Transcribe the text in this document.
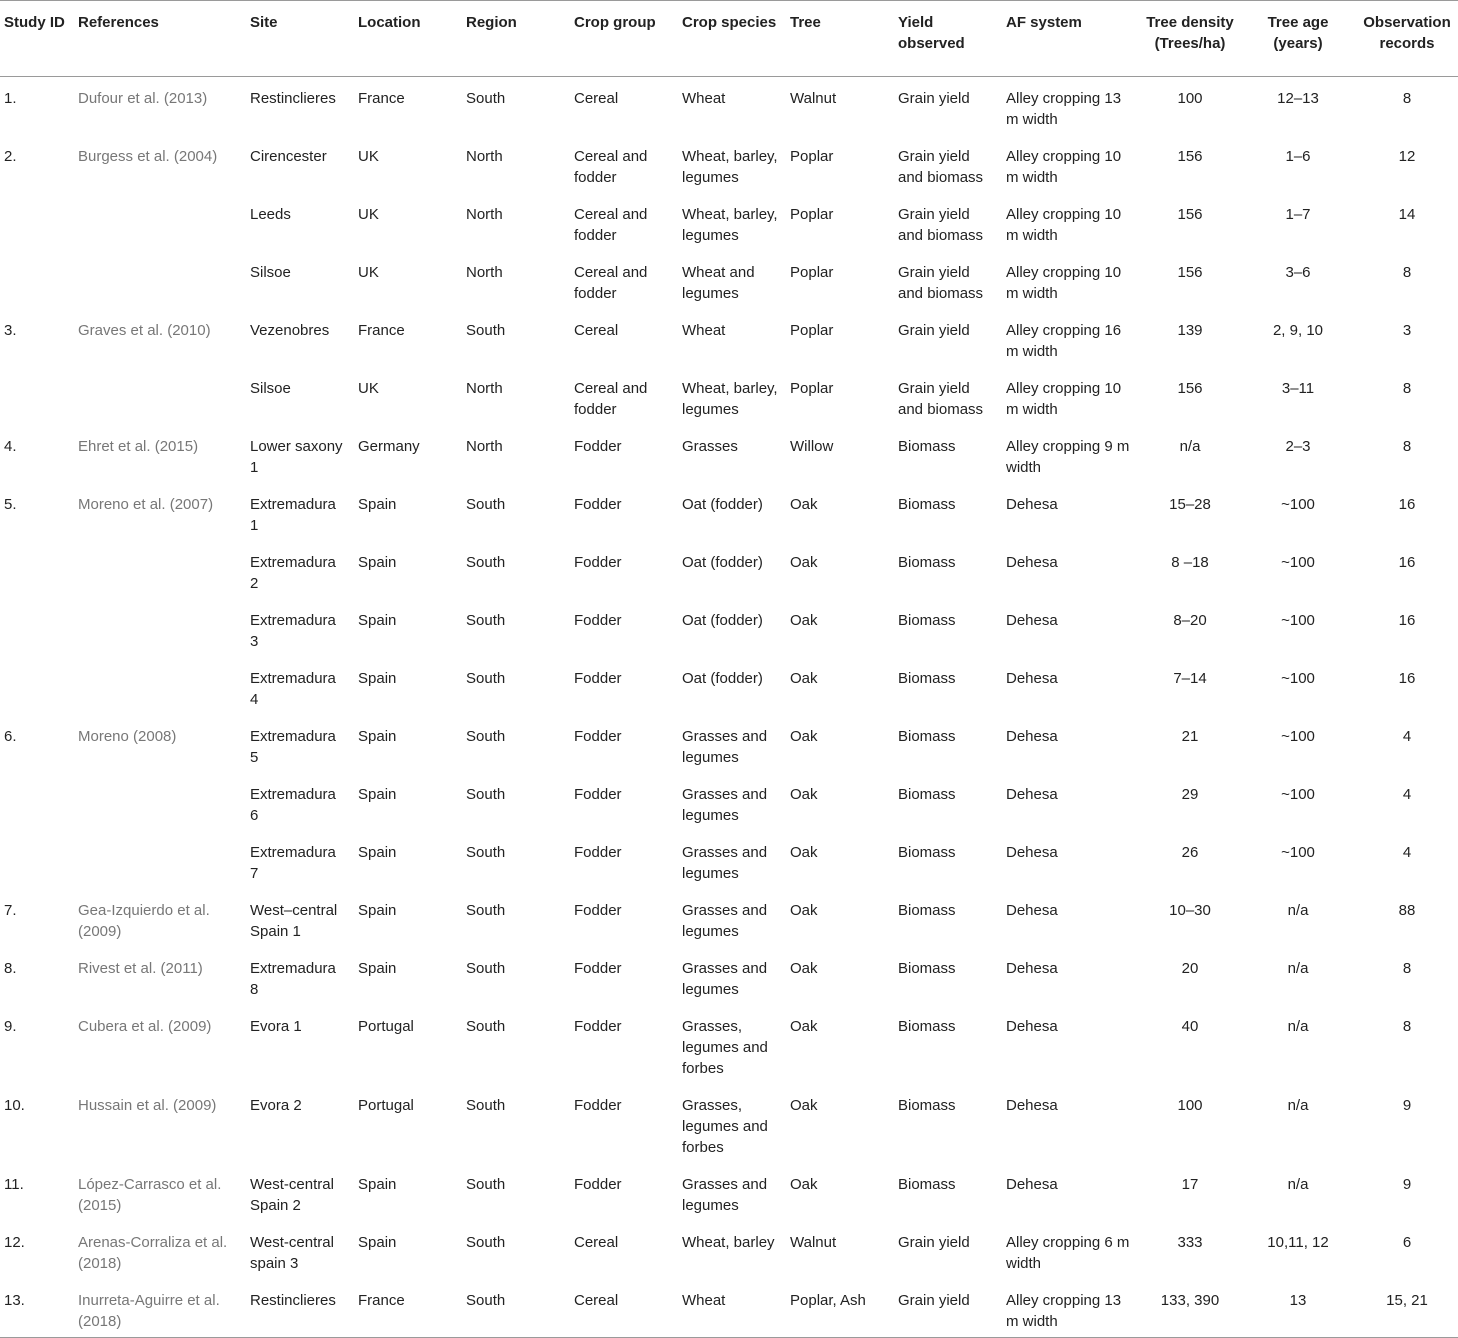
Study ID	References	Site	Location	Region	Crop group	Crop species	Tree	Yield observed	AF system	Tree density (Trees/ha)	Tree age (years)	Observation records
1.	Dufour et al. (2013)	Restinclieres	France	South	Cereal	Wheat	Walnut	Grain yield	Alley cropping 13 m width	100	12–13	8
2.	Burgess et al. (2004)	Cirencester	UK	North	Cereal and fodder	Wheat, barley, legumes	Poplar	Grain yield and biomass	Alley cropping 10 m width	156	1–6	12
		Leeds	UK	North	Cereal and fodder	Wheat, barley, legumes	Poplar	Grain yield and biomass	Alley cropping 10 m width	156	1–7	14
		Silsoe	UK	North	Cereal and fodder	Wheat and legumes	Poplar	Grain yield and biomass	Alley cropping 10 m width	156	3–6	8
3.	Graves et al. (2010)	Vezenobres	France	South	Cereal	Wheat	Poplar	Grain yield	Alley cropping 16 m width	139	2, 9, 10	3
		Silsoe	UK	North	Cereal and fodder	Wheat, barley, legumes	Poplar	Grain yield and biomass	Alley cropping 10 m width	156	3–11	8
4.	Ehret et al. (2015)	Lower saxony 1	Germany	North	Fodder	Grasses	Willow	Biomass	Alley cropping 9 m width	n/a	2–3	8
5.	Moreno et al. (2007)	Extremadura 1	Spain	South	Fodder	Oat (fodder)	Oak	Biomass	Dehesa	15–28	~100	16
		Extremadura 2	Spain	South	Fodder	Oat (fodder)	Oak	Biomass	Dehesa	8 –18	~100	16
		Extremadura 3	Spain	South	Fodder	Oat (fodder)	Oak	Biomass	Dehesa	8–20	~100	16
		Extremadura 4	Spain	South	Fodder	Oat (fodder)	Oak	Biomass	Dehesa	7–14	~100	16
6.	Moreno (2008)	Extremadura 5	Spain	South	Fodder	Grasses and legumes	Oak	Biomass	Dehesa	21	~100	4
		Extremadura 6	Spain	South	Fodder	Grasses and legumes	Oak	Biomass	Dehesa	29	~100	4
		Extremadura 7	Spain	South	Fodder	Grasses and legumes	Oak	Biomass	Dehesa	26	~100	4
7.	Gea-Izquierdo et al. (2009)	West–central Spain 1	Spain	South	Fodder	Grasses and legumes	Oak	Biomass	Dehesa	10–30	n/a	88
8.	Rivest et al. (2011)	Extremadura 8	Spain	South	Fodder	Grasses and legumes	Oak	Biomass	Dehesa	20	n/a	8
9.	Cubera et al. (2009)	Evora 1	Portugal	South	Fodder	Grasses, legumes and forbes	Oak	Biomass	Dehesa	40	n/a	8
10.	Hussain et al. (2009)	Evora 2	Portugal	South	Fodder	Grasses, legumes and forbes	Oak	Biomass	Dehesa	100	n/a	9
11.	López-Carrasco et al. (2015)	West-central Spain 2	Spain	South	Fodder	Grasses and legumes	Oak	Biomass	Dehesa	17	n/a	9
12.	Arenas-Corraliza et al. (2018)	West-central spain 3	Spain	South	Cereal	Wheat, barley	Walnut	Grain yield	Alley cropping 6 m width	333	10,11, 12	6
13.	Inurreta-Aguirre et al. (2018)	Restinclieres	France	South	Cereal	Wheat	Poplar, Ash	Grain yield	Alley cropping 13 m width	133, 390	13	15, 21
